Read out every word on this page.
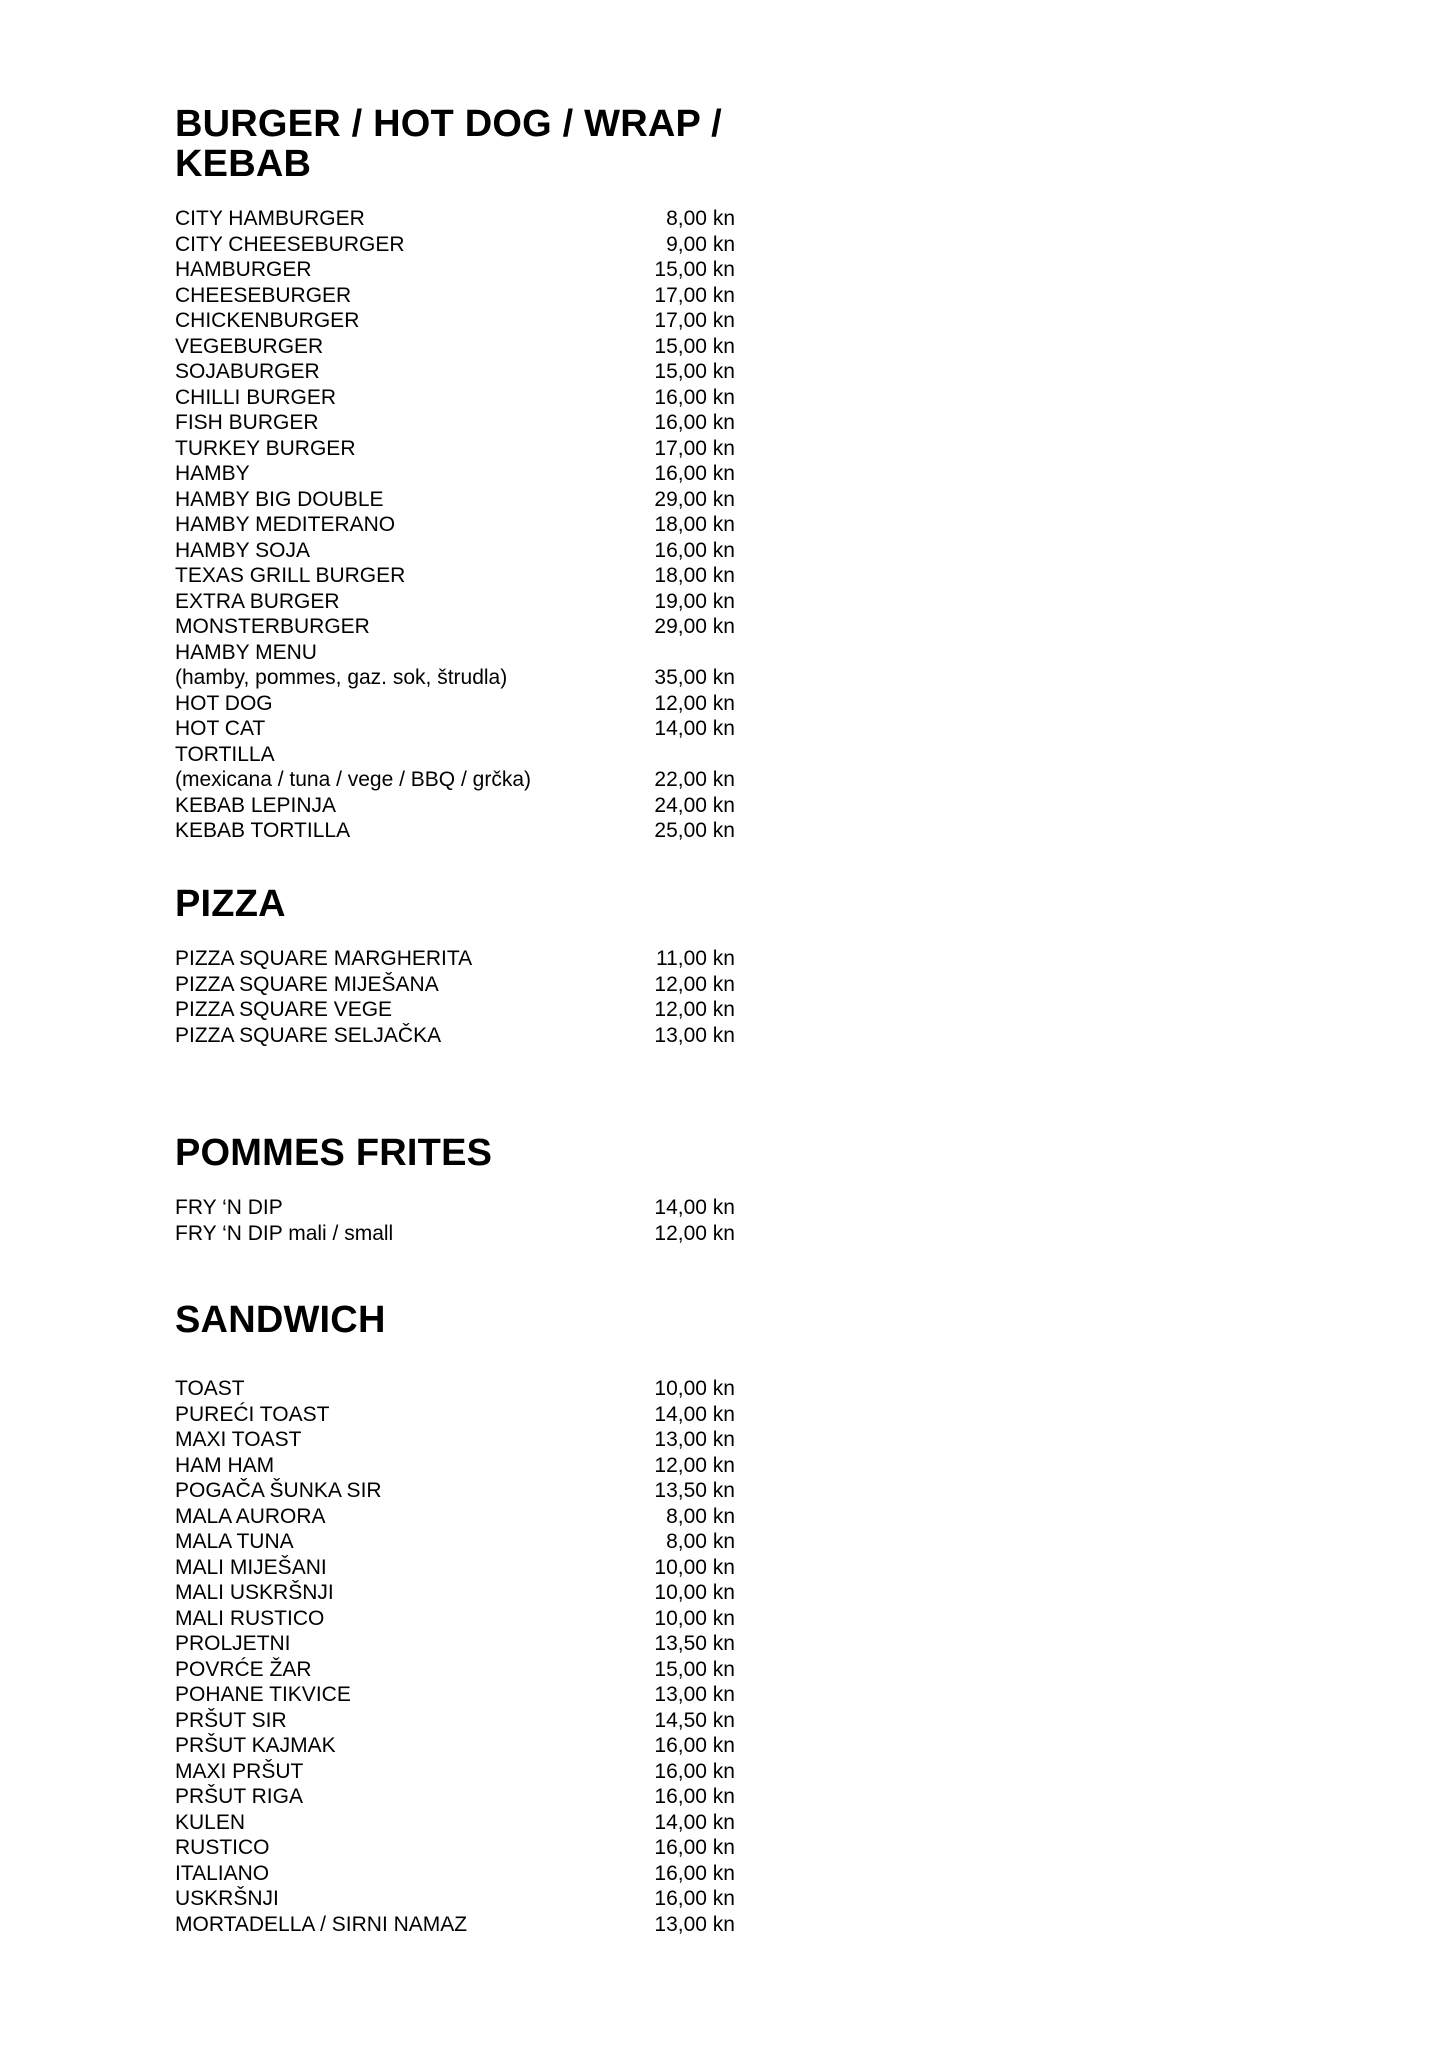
BURGER / HOT DOG / WRAP / KEBAB
CITY HAMBURGER	8,00 kn
CITY CHEESEBURGER	9,00 kn
HAMBURGER	15,00 kn
CHEESEBURGER	17,00 kn
CHICKENBURGER	17,00 kn
VEGEBURGER	15,00 kn
SOJABURGER	15,00 kn
CHILLI BURGER	16,00 kn
FISH BURGER	16,00 kn
TURKEY BURGER	17,00 kn
HAMBY	16,00 kn
HAMBY BIG DOUBLE	29,00 kn
HAMBY MEDITERANO	18,00 kn
HAMBY SOJA	16,00 kn
TEXAS GRILL BURGER	18,00 kn
EXTRA BURGER	19,00 kn
MONSTERBURGER	29,00 kn
HAMBY MENU
(hamby, pommes, gaz. sok, štrudla)	35,00 kn
HOT DOG	12,00 kn
HOT CAT	14,00 kn
TORTILLA
(mexicana / tuna / vege / BBQ / grčka)	22,00 kn
KEBAB LEPINJA	24,00 kn
KEBAB TORTILLA	25,00 kn
PIZZA
PIZZA SQUARE MARGHERITA	11,00 kn
PIZZA SQUARE MIJEŠANA	12,00 kn
PIZZA SQUARE VEGE	12,00 kn
PIZZA SQUARE SELJAČKA	13,00 kn
POMMES FRITES
FRY ‘N DIP	14,00 kn
FRY ‘N DIP mali / small	12,00 kn
SANDWICH
TOAST	10,00 kn
PUREĆI TOAST	14,00 kn
MAXI TOAST	13,00 kn
HAM HAM	12,00 kn
POGAČA ŠUNKA SIR	13,50 kn
MALA AURORA	8,00 kn
MALA TUNA	8,00 kn
MALI MIJEŠANI	10,00 kn
MALI USKRŠNJI	10,00 kn
MALI RUSTICO	10,00 kn
PROLJETNI	13,50 kn
POVRĆE ŽAR	15,00 kn
POHANE TIKVICE	13,00 kn
PRŠUT SIR	14,50 kn
PRŠUT KAJMAK	16,00 kn
MAXI PRŠUT	16,00 kn
PRŠUT RIGA	16,00 kn
KULEN	14,00 kn
RUSTICO	16,00 kn
ITALIANO	16,00 kn
USKRŠNJI	16,00 kn
MORTADELLA / SIRNI NAMAZ	13,00 kn
